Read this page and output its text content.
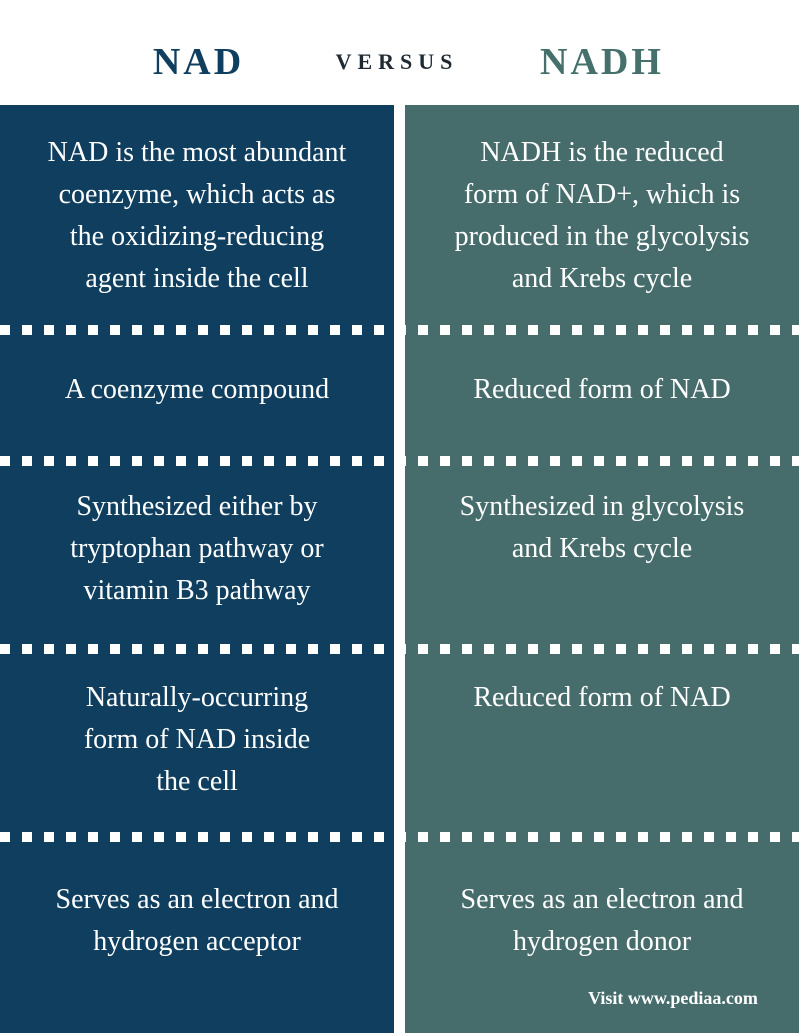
NAD	VERSUS	NADH
NAD is the most abundant
coenzyme, which acts as
the oxidizing-reducing
agent inside the cell
A coenzyme compound
Synthesized either by
tryptophan pathway or
vitamin B3 pathway
Naturally-occurring
form of NAD inside
the cell
Serves as an electron and
hydrogen acceptor
NADH is the reduced
form of NAD+, which is
produced in the glycolysis
and Krebs cycle
Reduced form of NAD
Synthesized in glycolysis
and Krebs cycle
Reduced form of NAD
Serves as an electron and
hydrogen donor
Visit www.pediaa.com
